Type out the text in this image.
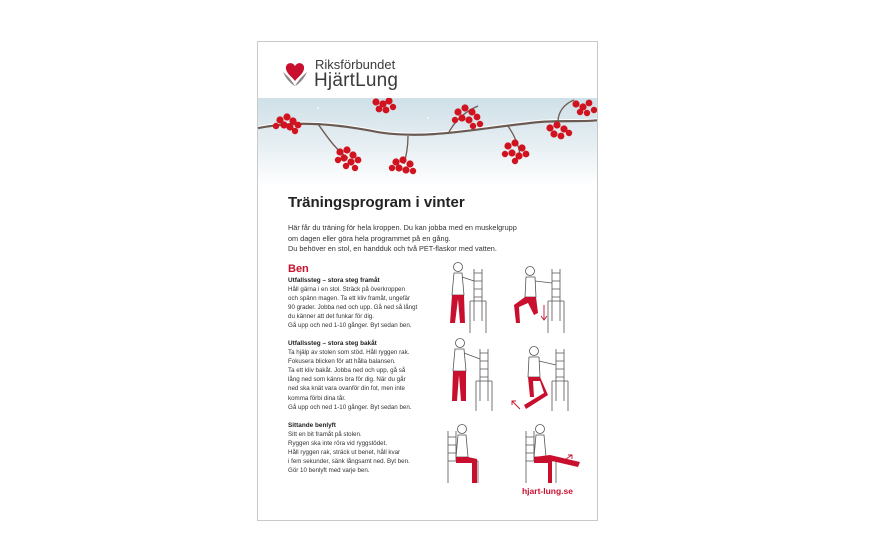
Riksförbundet
HjärtLung
Träningsprogram i vinter
Här får du träning för hela kroppen. Du kan jobba med en muskelgrupp
om dagen eller göra hela programmet på en gång.
Du behöver en stol, en handduk och två PET-flaskor med vatten.
Ben
Utfallssteg – stora steg framåt
Håll gärna i en stol. Sträck på överkroppen
och spänn magen. Ta ett kliv framåt, ungefär
90 grader. Jobba ned och upp. Gå ned så långt
du känner att det funkar för dig.
Gå upp och ned 1-10 gånger. Byt sedan ben.
Utfallssteg – stora steg bakåt
Ta hjälp av stolen som stöd. Håll ryggen rak.
Fokusera blicken för att hålla balansen.
Ta ett kliv bakåt. Jobba ned och upp, gå så
lång ned som känns bra för dig. När du går
ned ska knät vara ovanför din fot, men inte
komma förbi dina tår.
Gå upp och ned 1-10 gånger. Byt sedan ben.
Sittande benlyft
Sitt en bit framåt på stolen.
Ryggen ska inte röra vid ryggstödet.
Håll ryggen rak, sträck ut benet, håll kvar
i fem sekunder, sänk långsamt ned. Byt ben.
Gör 10 benlyft med varje ben.
hjart-lung.se
